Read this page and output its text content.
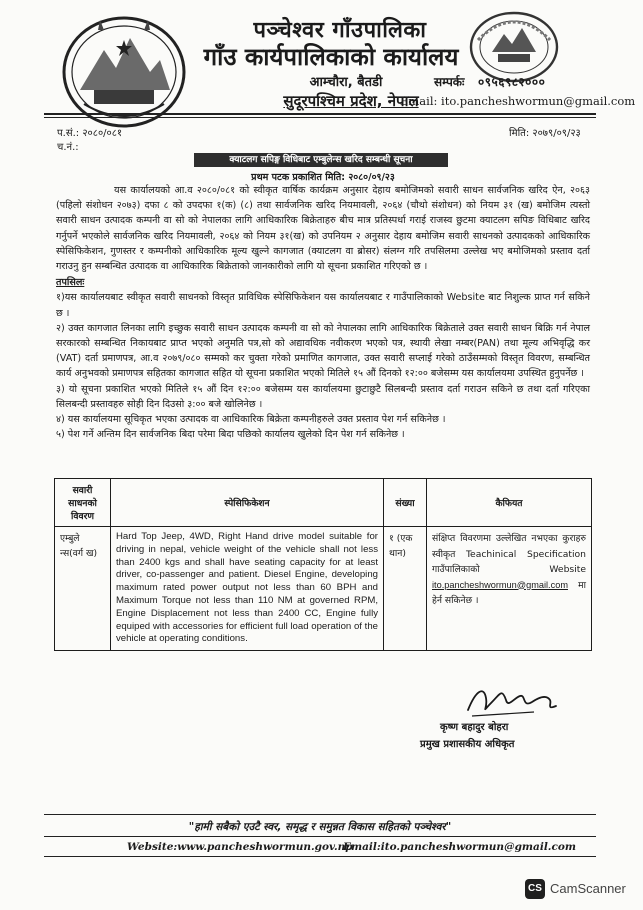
पञ्चेश्वर गाँउपालिका
गाँउ कार्यपालिकाको कार्यालय
आम्चौरा, बैतडी
सुदूरपश्चिम प्रदेश, नेपाल
सम्पर्कः ०९५६९८२०००
Email: ito.pancheshwormun@gmail.com
प.सं.: २०८०/०८१
च.नं.:
मिति: २०७९/०९/२३
क्याटलग सपिङ्ग विधिबाट एम्बुलेन्स खरिद सम्बन्धी सूचना
प्रथम पटक प्रकाशित मिति: २०८०/०९/२३

यस कार्यालयको आ.व २०८०/०८१ को स्वीकृत वार्षिक कार्यक्रम अनुसार देहाय बमोजिमको सवारी साधन सार्वजनिक खरिद ऐन, २०६३ (पहिलो संशोधन २०७३) दफा ८ को उपदफा १(क) (८) तथा सार्वजनिक खरिद नियमावली, २०६४ (चौथो संशोधन) को नियम ३१ (ख) बमोजिम त्यस्तो सवारी साधन उत्पादक कम्पनी वा सो को नेपालका लागि आधिकारिक बिक्रेताहरु बीच मात्र प्रतिस्पर्धा गराई राजस्व छुटमा क्याटलग सपिङ विधिबाट खरिद गर्नुपर्ने भएकोले सार्वजनिक खरिद नियमावली, २०६४ को नियम ३१(ख) को उपनियम २ अनुसार देहाय बमोजिम सवारी साधनको उत्पादकको आधिकारिक स्पेसिफिकेशन, गुणस्तर र कम्पनीको आधिकारिक मूल्य खुल्ने कागजात (क्याटलग वा ब्रोसर) संलग्न गरि तपसिलमा उल्लेख भए बमोजिमको प्रस्ताव दर्ता गराउनु हुन सम्बन्धित उत्पादक वा आधिकारिक बिक्रेताको जानकारीको लागि यो सूचना प्रकाशित गरिएको छ ।

तपसिलः

१)यस कार्यालयबाट स्वीकृत सवारी साधनको विस्तृत प्राविधिक स्पेसिफिकेशन यस कार्यालयबाट र गाउँपालिकाको Website बाट निशुल्क प्राप्त गर्न सकिने छ ।

२) उक्त कागजात लिनका लागि इच्छुक सवारी साधन उत्पादक कम्पनी वा सो को नेपालका लागि आधिकारिक बिक्रेताले उक्त सवारी साधन बिक्रि गर्न नेपाल सरकारको सम्बन्धित निकायबाट प्राप्त भएको अनुमति पत्र,सो को अद्यावधिक नवीकरण भएको पत्र, स्थायी लेखा नम्बर(PAN) तथा मूल्य अभिवृद्धि कर (VAT) दर्ता प्रमाणपत्र, आ.व २०७९/०८० सम्मको कर चुक्ता गरेको प्रमाणित कागजात, उक्त सवारी सप्लाई गरेको ठाउँसम्मको विस्तृत विवरण, सम्बन्धित कार्य अनुभवको प्रमाणपत्र सहितका कागजात सहित यो सूचना प्रकाशित भएको मितिले १५ औं दिनको १२:०० बजेसम्म यस कार्यालयमा उपस्थित हुनुपर्नेछ ।

३) यो सूचना प्रकाशित भएको मितिले १५ औं दिन १२:०० बजेसम्म यस कार्यालयमा छुटाछुटै सिलबन्दी प्रस्ताव दर्ता गराउन सकिने छ तथा दर्ता गरिएका सिलबन्दी प्रस्तावहरु सोही दिन दिउसो ३:०० बजे खोलिनेछ ।

४) यस कार्यालयमा सूचिकृत भएका उत्पादक वा आधिकारिक बिक्रेता कम्पनीहरुले उक्त प्रस्ताव पेश गर्न सकिनेछ ।

५) पेश गर्ने अन्तिम दिन सार्वजनिक बिदा परेमा बिदा पछिको कार्यालय खुलेको दिन पेश गर्न सकिनेछ ।

सवारी साधनको विवरण	स्पेसिफिकेशन	संख्या	कैफियत
एम्बुले न्स(वर्ग ख)	Hard Top Jeep, 4WD, Right Hand drive model suitable for driving in nepal, vehicle weight of the vehicle shall not less than 2400 kgs and shall have seating capacity for at least driver, co-passenger and patient. Diesel Engine, developing maximum rated power output not less than 60 BPH and Maximum Torque not less than 110 NM at governed RPM, Engine Displacement not less than 2400 CC, Engine fully equiped with accessories for efficient full load operation of the vehicle at operating conditions.	१ (एक थान)	संक्षिप्त विवरणमा उल्लेखित नभएका कुराहरु स्वीकृत Teachinical Specification गाउँपालिकाको Website ito.pancheshwormun@gmail.com मा हेर्न सकिनेछ ।
कृष्ण बहादुर बोहरा
प्रमुख प्रशासकीय अधिकृत
"हामी सबैको एउटै स्वर, समृद्ध र समुन्नत विकास सहितको पञ्चेश्वर"
Website:www.pancheshwormun.gov.np
Email:ito.pancheshwormun@gmail.com
CS CamScanner
